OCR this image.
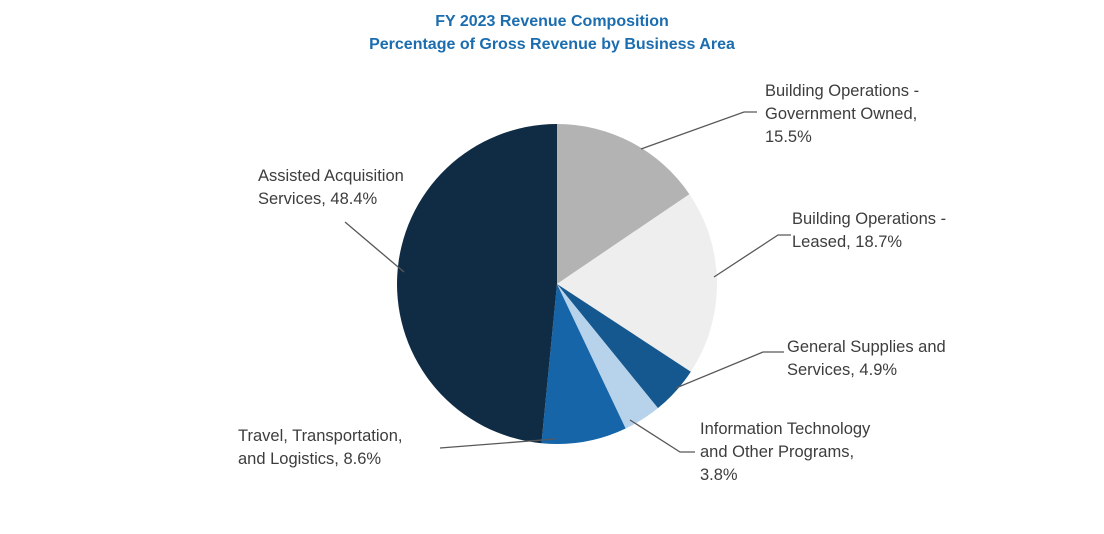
FY 2023 Revenue Composition
Percentage of Gross Revenue by Business Area
Building Operations -
Government Owned,
15.5%
Building Operations -
Leased, 18.7%
General Supplies and
Services, 4.9%
Information Technology
and Other Programs,
3.8%
Travel, Transportation,
and Logistics, 8.6%
Assisted Acquisition
Services, 48.4%
